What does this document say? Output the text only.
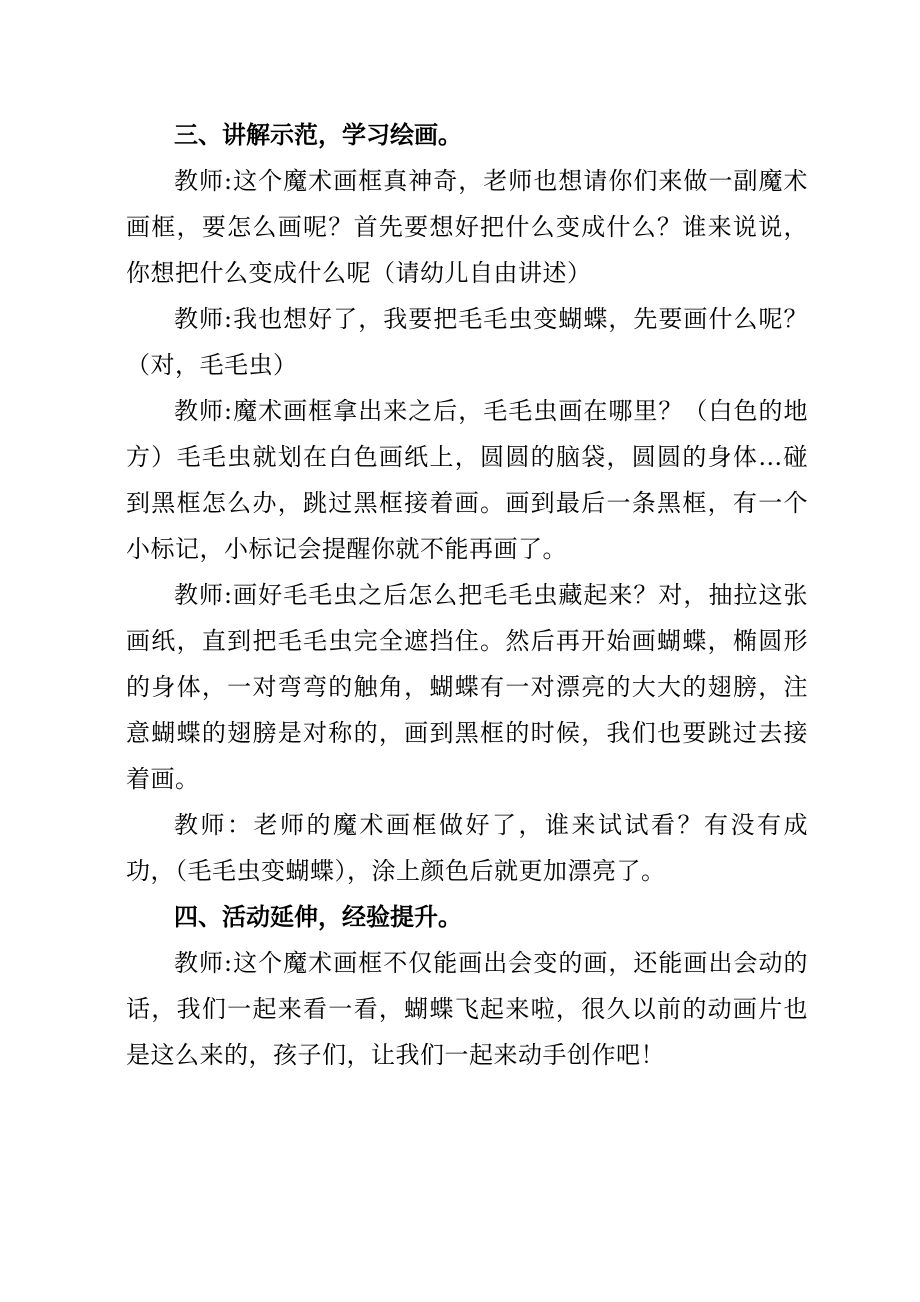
三、讲解示范，学习绘画。

教师:这个魔术画框真神奇，老师也想请你们来做一副魔术画框，要怎么画呢？首先要想好把什么变成什么？谁来说说，你想把什么变成什么呢（请幼儿自由讲述）

教师:我也想好了，我要把毛毛虫变蝴蝶，先要画什么呢？（对，毛毛虫）

教师:魔术画框拿出来之后，毛毛虫画在哪里？（白色的地方）毛毛虫就划在白色画纸上，圆圆的脑袋，圆圆的身体…碰到黑框怎么办，跳过黑框接着画。画到最后一条黑框，有一个小标记，小标记会提醒你就不能再画了。

教师:画好毛毛虫之后怎么把毛毛虫藏起来？对，抽拉这张画纸，直到把毛毛虫完全遮挡住。然后再开始画蝴蝶，椭圆形的身体，一对弯弯的触角，蝴蝶有一对漂亮的大大的翅膀，注意蝴蝶的翅膀是对称的，画到黑框的时候，我们也要跳过去接着画。

教师：老师的魔术画框做好了，谁来试试看？有没有成功，（毛毛虫变蝴蝶），涂上颜色后就更加漂亮了。

四、活动延伸，经验提升。

教师:这个魔术画框不仅能画出会变的画，还能画出会动的话，我们一起来看一看，蝴蝶飞起来啦，很久以前的动画片也是这么来的，孩子们，让我们一起来动手创作吧！
